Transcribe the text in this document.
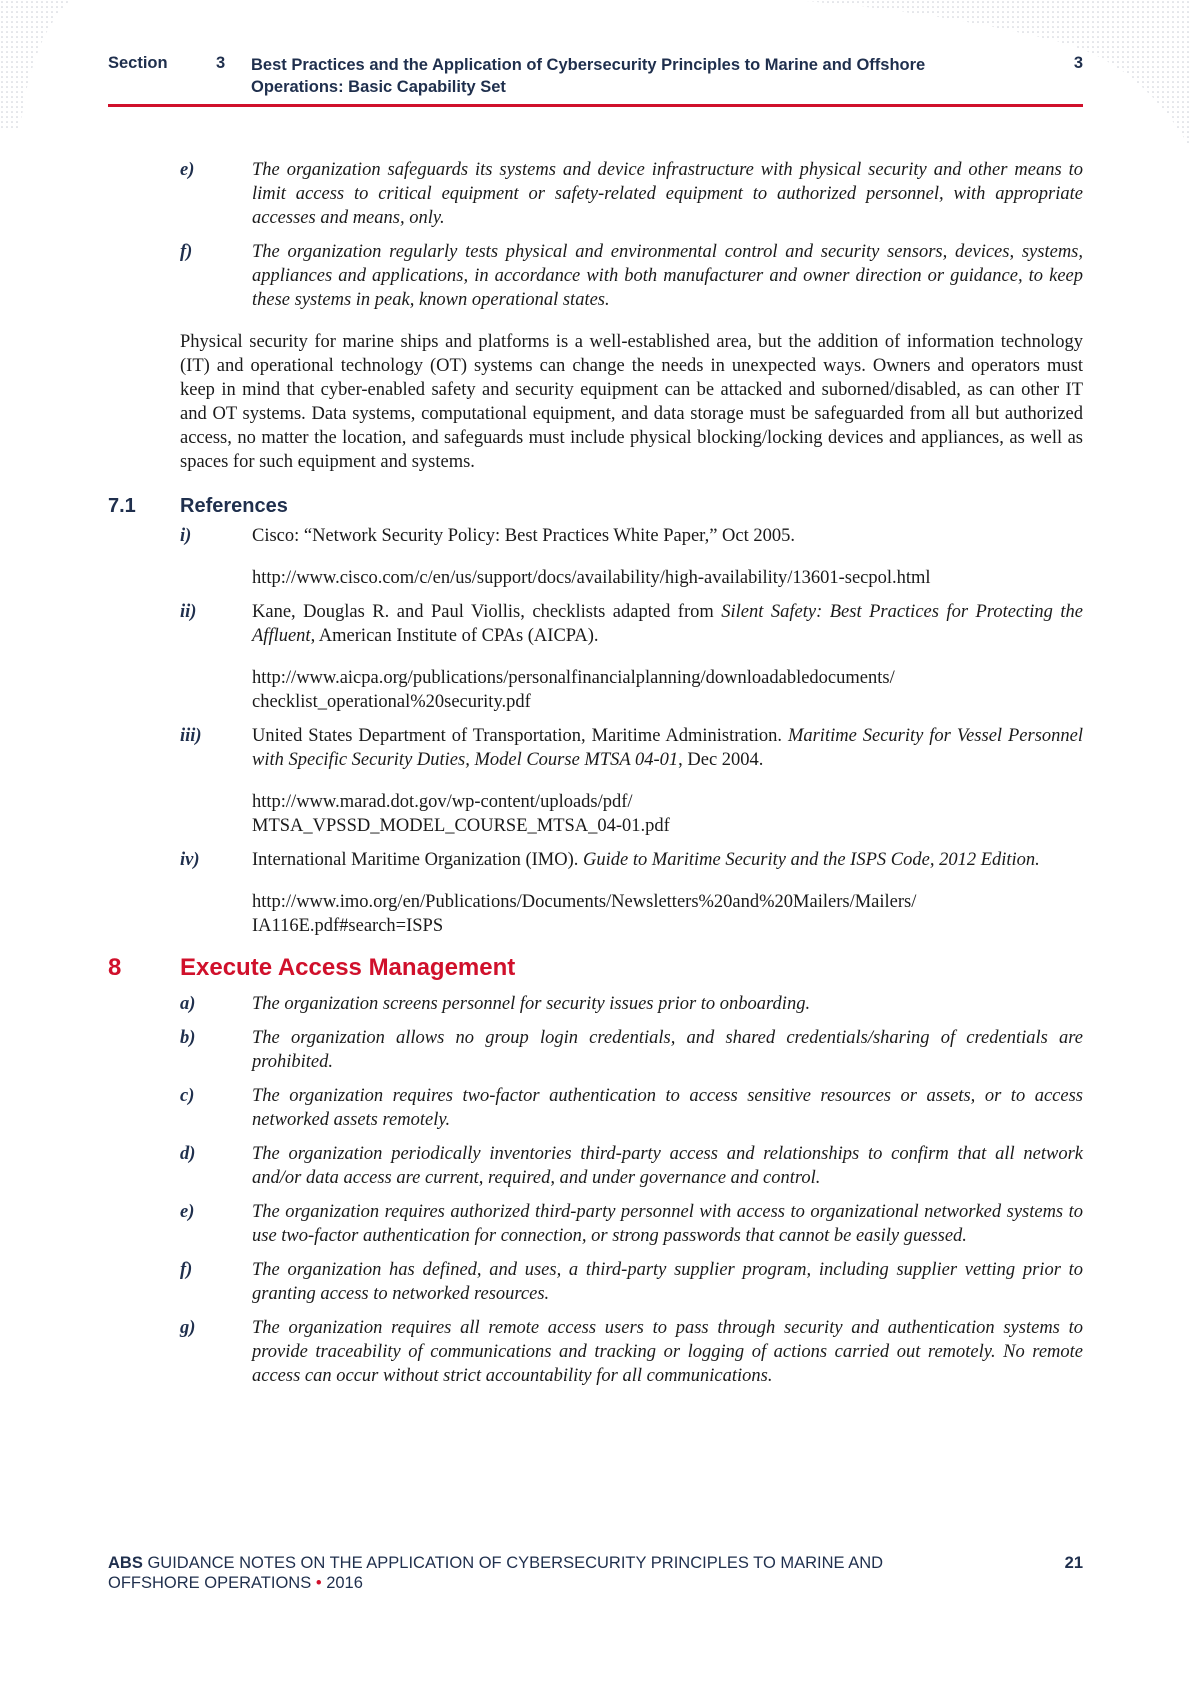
Section	3 Best Practices and the Application of Cybersecurity Principles to Marine and Offshore Operations: Basic Capability Set
3
e)	The organization safeguards its systems and device infrastructure with physical security and other means to limit access to critical equipment or safety-related equipment to authorized personnel, with appropriate accesses and means, only.
f)	The organization regularly tests physical and environmental control and security sensors, devices, systems, appliances and applications, in accordance with both manufacturer and owner direction or guidance, to keep these systems in peak, known operational states.
Physical security for marine ships and platforms is a well-established area, but the addition of information technology (IT) and operational technology (OT) systems can change the needs in unexpected ways. Owners and operators must keep in mind that cyber-enabled safety and security equipment can be attacked and suborned/disabled, as can other IT and OT systems. Data systems, computational equipment, and data storage must be safeguarded from all but authorized access, no matter the location, and safeguards must include physical blocking/locking devices and appliances, as well as spaces for such equipment and systems.
7.1 References
i)	Cisco: “Network Security Policy: Best Practices White Paper,” Oct 2005.
http://www.cisco.com/c/en/us/support/docs/availability/high-availability/13601-secpol.html
ii)	Kane, Douglas R. and Paul Viollis, checklists adapted from Silent Safety: Best Practices for Protecting the Affluent, American Institute of CPAs (AICPA).
http://www.aicpa.org/publications/personalfinancialplanning/downloadabledocuments/
checklist_operational%20security.pdf
iii)	United States Department of Transportation, Maritime Administration. Maritime Security for Vessel Personnel with Specific Security Duties, Model Course MTSA 04-01, Dec 2004.
http://www.marad.dot.gov/wp-content/uploads/pdf/
MTSA_VPSSD_MODEL_COURSE_MTSA_04-01.pdf
iv)	International Maritime Organization (IMO). Guide to Maritime Security and the ISPS Code, 2012 Edition.
http://www.imo.org/en/Publications/Documents/Newsletters%20and%20Mailers/Mailers/
IA116E.pdf#search=ISPS
8 Execute Access Management
a)	The organization screens personnel for security issues prior to onboarding.
b)	The organization allows no group login credentials, and shared credentials/sharing of credentials are prohibited.
c)	The organization requires two-factor authentication to access sensitive resources or assets, or to access networked assets remotely.
d)	The organization periodically inventories third-party access and relationships to confirm that all network and/or data access are current, required, and under governance and control.
e)	The organization requires authorized third-party personnel with access to organizational networked systems to use two-factor authentication for connection, or strong passwords that cannot be easily guessed.
f)	The organization has defined, and uses, a third-party supplier program, including supplier vetting prior to granting access to networked resources.
g)	The organization requires all remote access users to pass through security and authentication systems to provide traceability of communications and tracking or logging of actions carried out remotely. No remote access can occur without strict accountability for all communications.
ABS GUIDANCE NOTES ON THE APPLICATION OF CYBERSECURITY PRINCIPLES TO MARINE AND OFFSHORE OPERATIONS • 2016
21
